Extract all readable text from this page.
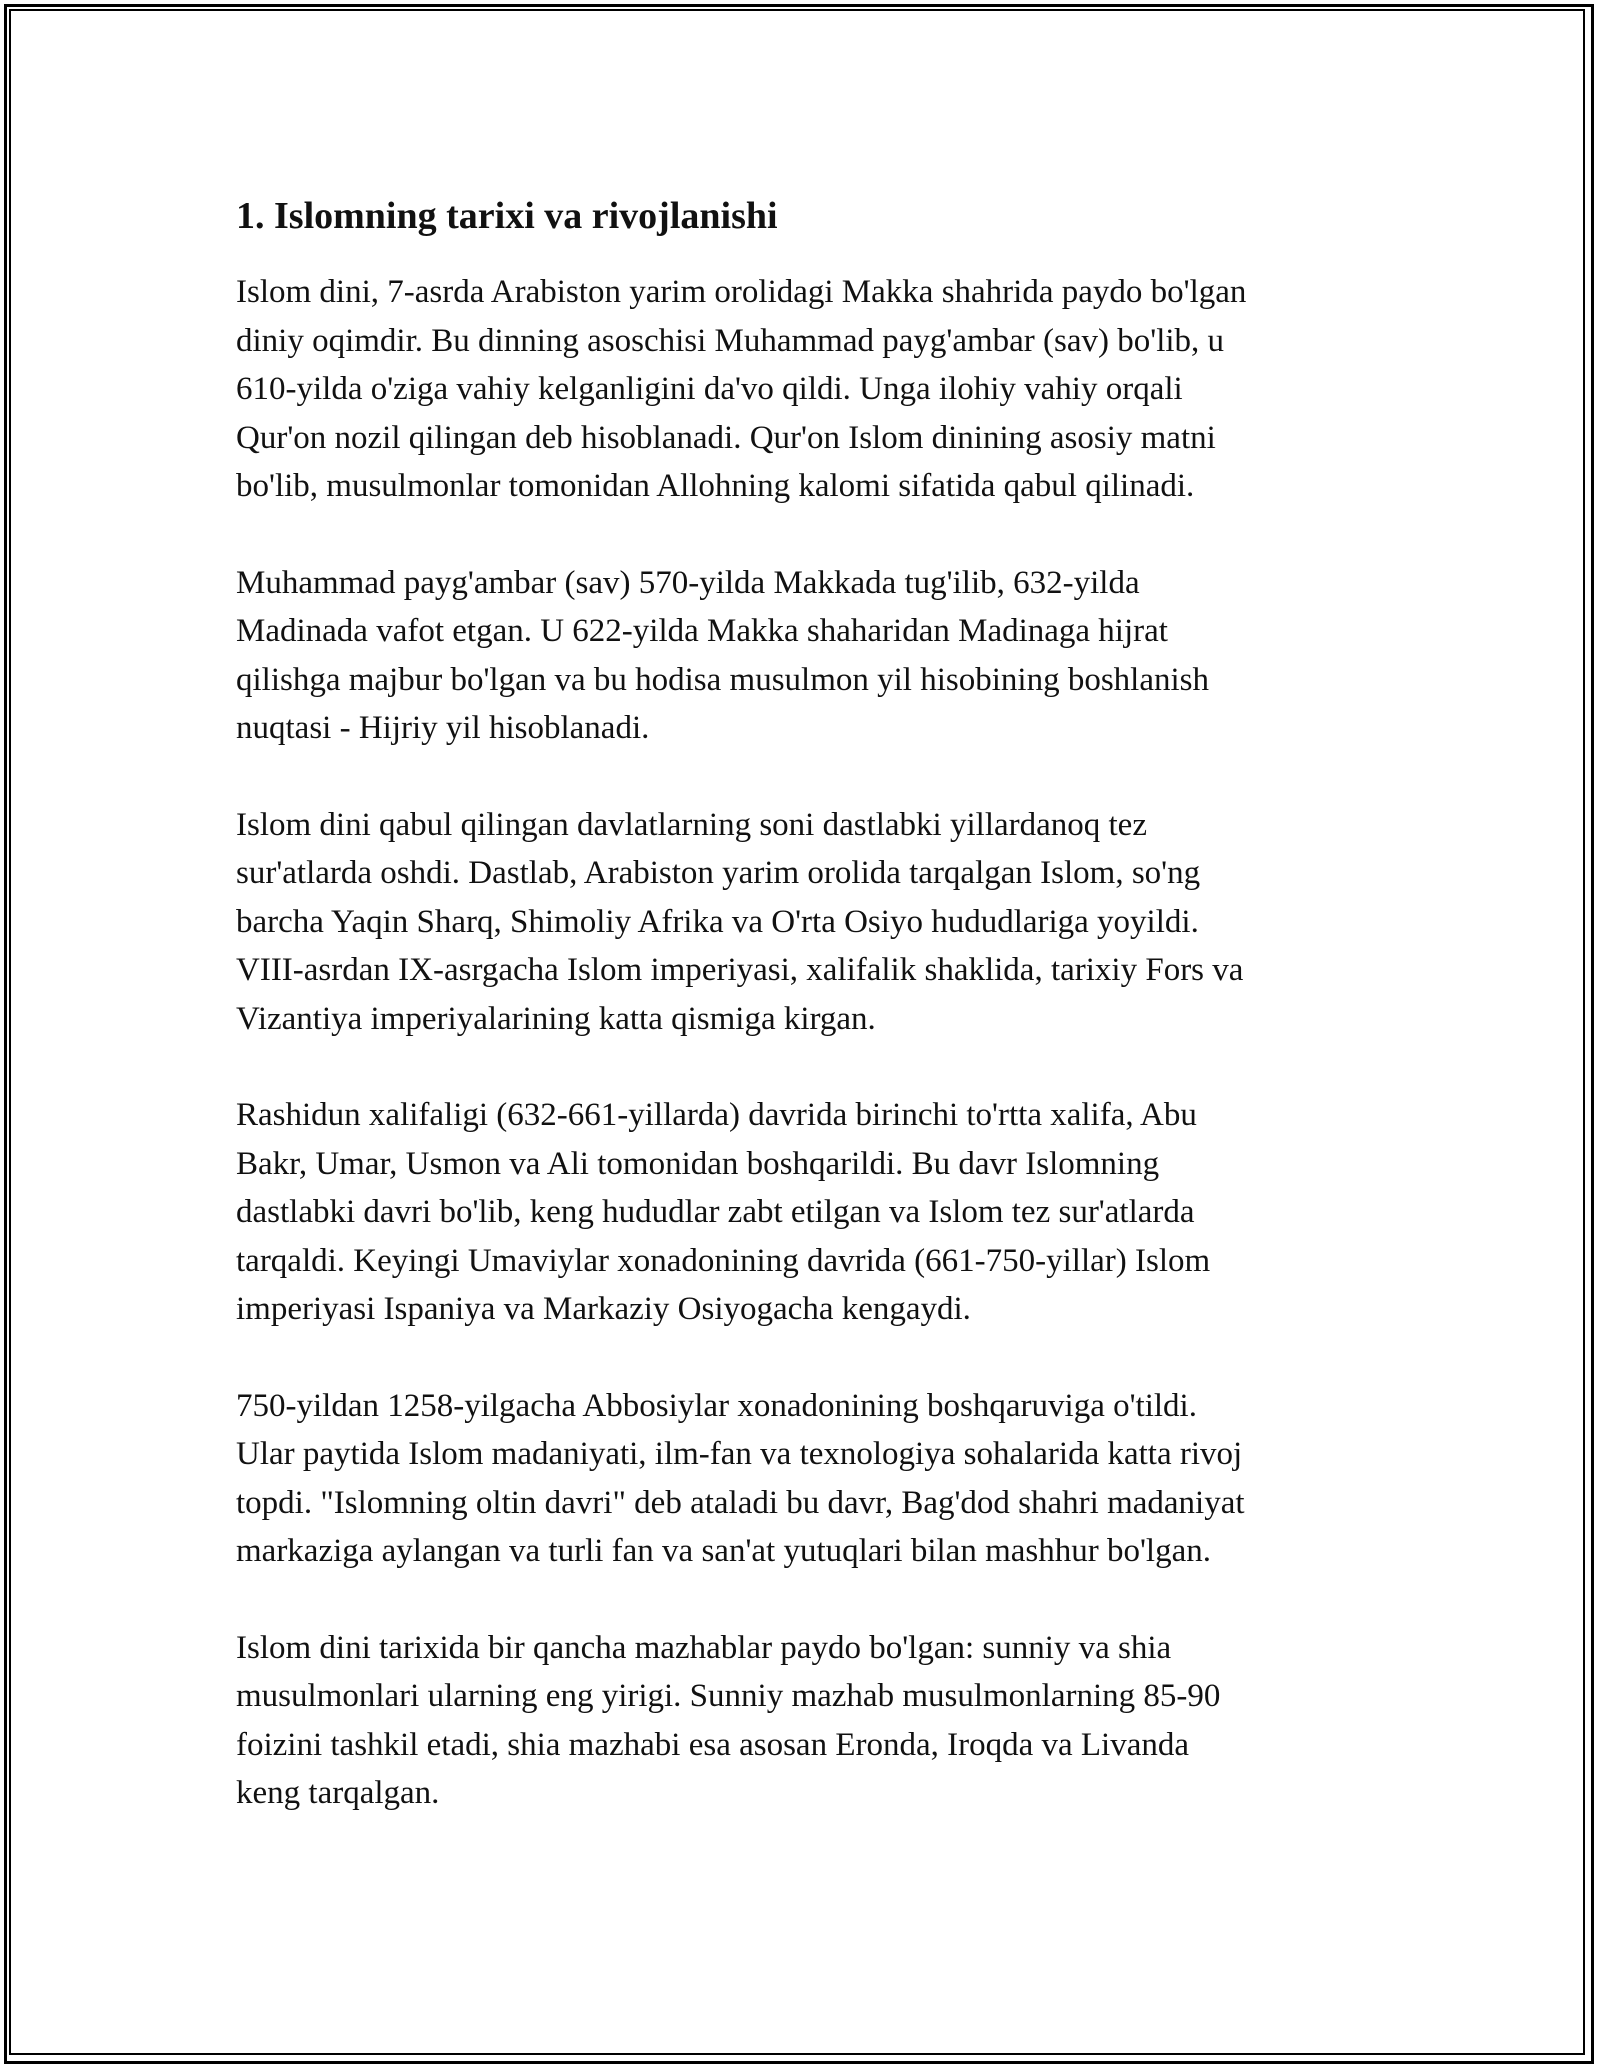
1. Islomning tarixi va rivojlanishi

Islom dini, 7-asrda Arabiston yarim orolidagi Makka shahrida paydo bo'lgan
diniy oqimdir. Bu dinning asoschisi Muhammad payg'ambar (sav) bo'lib, u
610-yilda o'ziga vahiy kelganligini da'vo qildi. Unga ilohiy vahiy orqali
Qur'on nozil qilingan deb hisoblanadi. Qur'on Islom dinining asosiy matni
bo'lib, musulmonlar tomonidan Allohning kalomi sifatida qabul qilinadi.

Muhammad payg'ambar (sav) 570-yilda Makkada tug'ilib, 632-yilda
Madinada vafot etgan. U 622-yilda Makka shaharidan Madinaga hijrat
qilishga majbur bo'lgan va bu hodisa musulmon yil hisobining boshlanish
nuqtasi - Hijriy yil hisoblanadi.

Islom dini qabul qilingan davlatlarning soni dastlabki yillardanoq tez
sur'atlarda oshdi. Dastlab, Arabiston yarim orolida tarqalgan Islom, so'ng
barcha Yaqin Sharq, Shimoliy Afrika va O'rta Osiyo hududlariga yoyildi.
VIII-asrdan IX-asrgacha Islom imperiyasi, xalifalik shaklida, tarixiy Fors va
Vizantiya imperiyalarining katta qismiga kirgan.

Rashidun xalifaligi (632-661-yillarda) davrida birinchi to'rtta xalifa, Abu
Bakr, Umar, Usmon va Ali tomonidan boshqarildi. Bu davr Islomning
dastlabki davri bo'lib, keng hududlar zabt etilgan va Islom tez sur'atlarda
tarqaldi. Keyingi Umaviylar xonadonining davrida (661-750-yillar) Islom
imperiyasi Ispaniya va Markaziy Osiyogacha kengaydi.

750-yildan 1258-yilgacha Abbosiylar xonadonining boshqaruviga o'tildi.
Ular paytida Islom madaniyati, ilm-fan va texnologiya sohalarida katta rivoj
topdi. "Islomning oltin davri" deb ataladi bu davr, Bag'dod shahri madaniyat
markaziga aylangan va turli fan va san'at yutuqlari bilan mashhur bo'lgan.

Islom dini tarixida bir qancha mazhablar paydo bo'lgan: sunniy va shia
musulmonlari ularning eng yirigi. Sunniy mazhab musulmonlarning 85-90
foizini tashkil etadi, shia mazhabi esa asosan Eronda, Iroqda va Livanda
keng tarqalgan.
